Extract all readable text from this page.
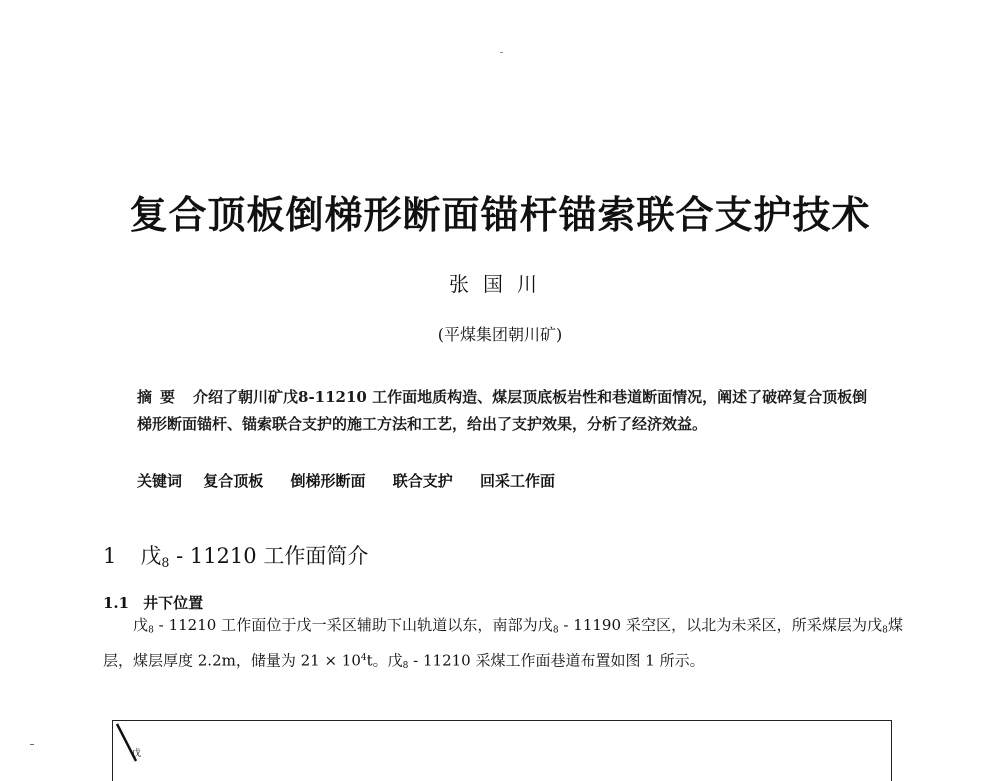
复合顶板倒梯形断面锚杆锚索联合支护技术
张国川
(平煤集团朝川矿)
摘要 介绍了朝川矿戊8-11210 工作面地质构造、煤层顶底板岩性和巷道断面情况，阐述了破碎复合顶板倒梯形断面锚杆、锚索联合支护的施工方法和工艺，给出了支护效果，分析了经济效益。
关键词 复合顶板 倒梯形断面 联合支护 回采工作面
1 戊$_8$ - 11210 工作面简介
1.1 井下位置

戊$_8$ - 11210 工作面位于戊一采区辅助下山轨道以东，南部为戊$_8$ - 11190 采空区，以北为未采区，所采煤层为戊$_8$煤层，煤层厚度 2.2m，储量为 $21 \times 10^4t$。戊$_8$ - 11210 采煤工作面巷道布置如图 1 所示。

戊
